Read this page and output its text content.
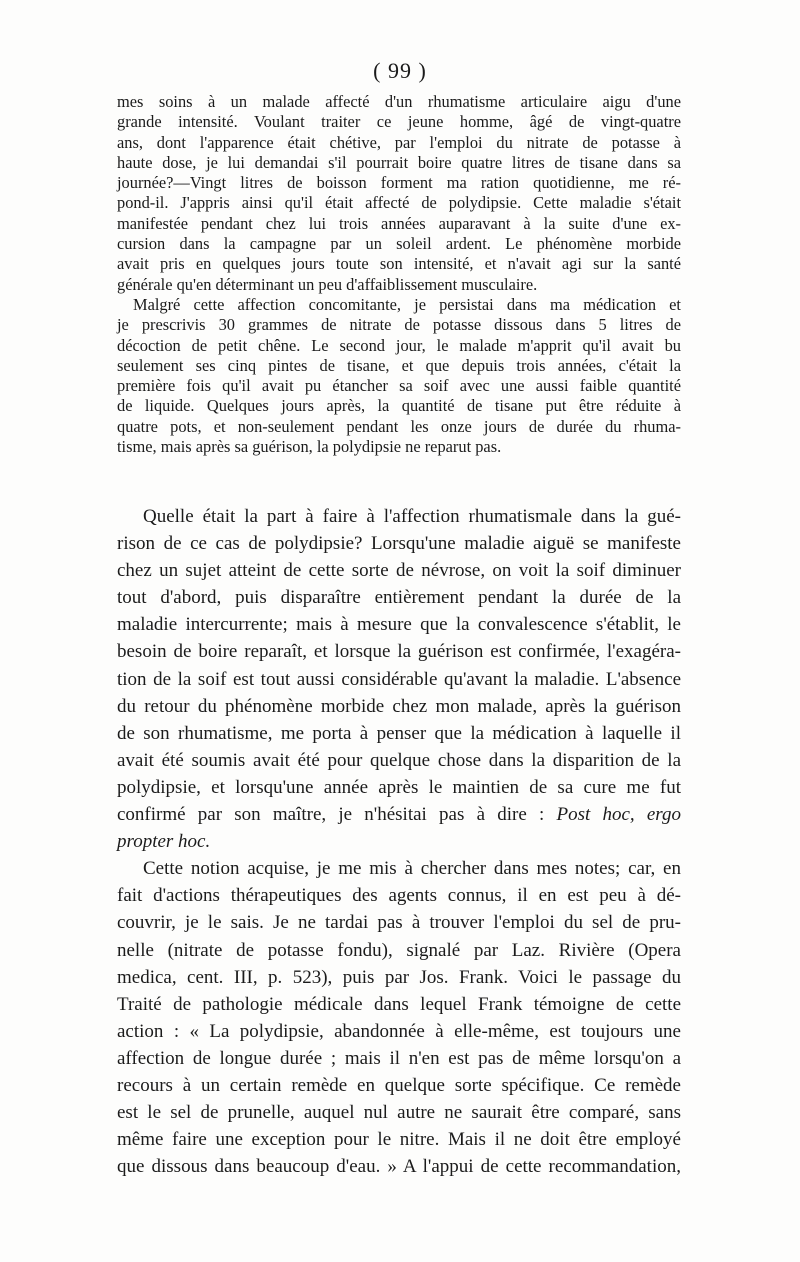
( 99 )
mes soins à un malade affecté d'un rhumatisme articulaire aigu d'une
grande intensité. Voulant traiter ce jeune homme, âgé de vingt-quatre
ans, dont l'apparence était chétive, par l'emploi du nitrate de potasse à
haute dose, je lui demandai s'il pourrait boire quatre litres de tisane dans sa
journée?—Vingt litres de boisson forment ma ration quotidienne, me ré-
pond-il. J'appris ainsi qu'il était affecté de polydipsie. Cette maladie s'était
manifestée pendant chez lui trois années auparavant à la suite d'une ex-
cursion dans la campagne par un soleil ardent. Le phénomène morbide
avait pris en quelques jours toute son intensité, et n'avait agi sur la santé
générale qu'en déterminant un peu d'affaiblissement musculaire.
Malgré cette affection concomitante, je persistai dans ma médication et
je prescrivis 30 grammes de nitrate de potasse dissous dans 5 litres de
décoction de petit chêne. Le second jour, le malade m'apprit qu'il avait bu
seulement ses cinq pintes de tisane, et que depuis trois années, c'était la
première fois qu'il avait pu étancher sa soif avec une aussi faible quantité
de liquide. Quelques jours après, la quantité de tisane put être réduite à
quatre pots, et non-seulement pendant les onze jours de durée du rhuma-
tisme, mais après sa guérison, la polydipsie ne reparut pas.
Quelle était la part à faire à l'affection rhumatismale dans la gué-
rison de ce cas de polydipsie? Lorsqu'une maladie aiguë se manifeste
chez un sujet atteint de cette sorte de névrose, on voit la soif diminuer
tout d'abord, puis disparaître entièrement pendant la durée de la
maladie intercurrente; mais à mesure que la convalescence s'établit, le
besoin de boire reparaît, et lorsque la guérison est confirmée, l'exagéra-
tion de la soif est tout aussi considérable qu'avant la maladie. L'absence
du retour du phénomène morbide chez mon malade, après la guérison
de son rhumatisme, me porta à penser que la médication à laquelle il
avait été soumis avait été pour quelque chose dans la disparition de la
polydipsie, et lorsqu'une année après le maintien de sa cure me fut
confirmé par son maître, je n'hésitai pas à dire : Post hoc, ergo
propter hoc.
Cette notion acquise, je me mis à chercher dans mes notes; car, en
fait d'actions thérapeutiques des agents connus, il en est peu à dé-
couvrir, je le sais. Je ne tardai pas à trouver l'emploi du sel de pru-
nelle (nitrate de potasse fondu), signalé par Laz. Rivière (Opera
medica, cent. III, p. 523), puis par Jos. Frank. Voici le passage du
Traité de pathologie médicale dans lequel Frank témoigne de cette
action : « La polydipsie, abandonnée à elle-même, est toujours une
affection de longue durée ; mais il n'en est pas de même lorsqu'on a
recours à un certain remède en quelque sorte spécifique. Ce remède
est le sel de prunelle, auquel nul autre ne saurait être comparé, sans
même faire une exception pour le nitre. Mais il ne doit être employé
que dissous dans beaucoup d'eau. » A l'appui de cette recommandation,
